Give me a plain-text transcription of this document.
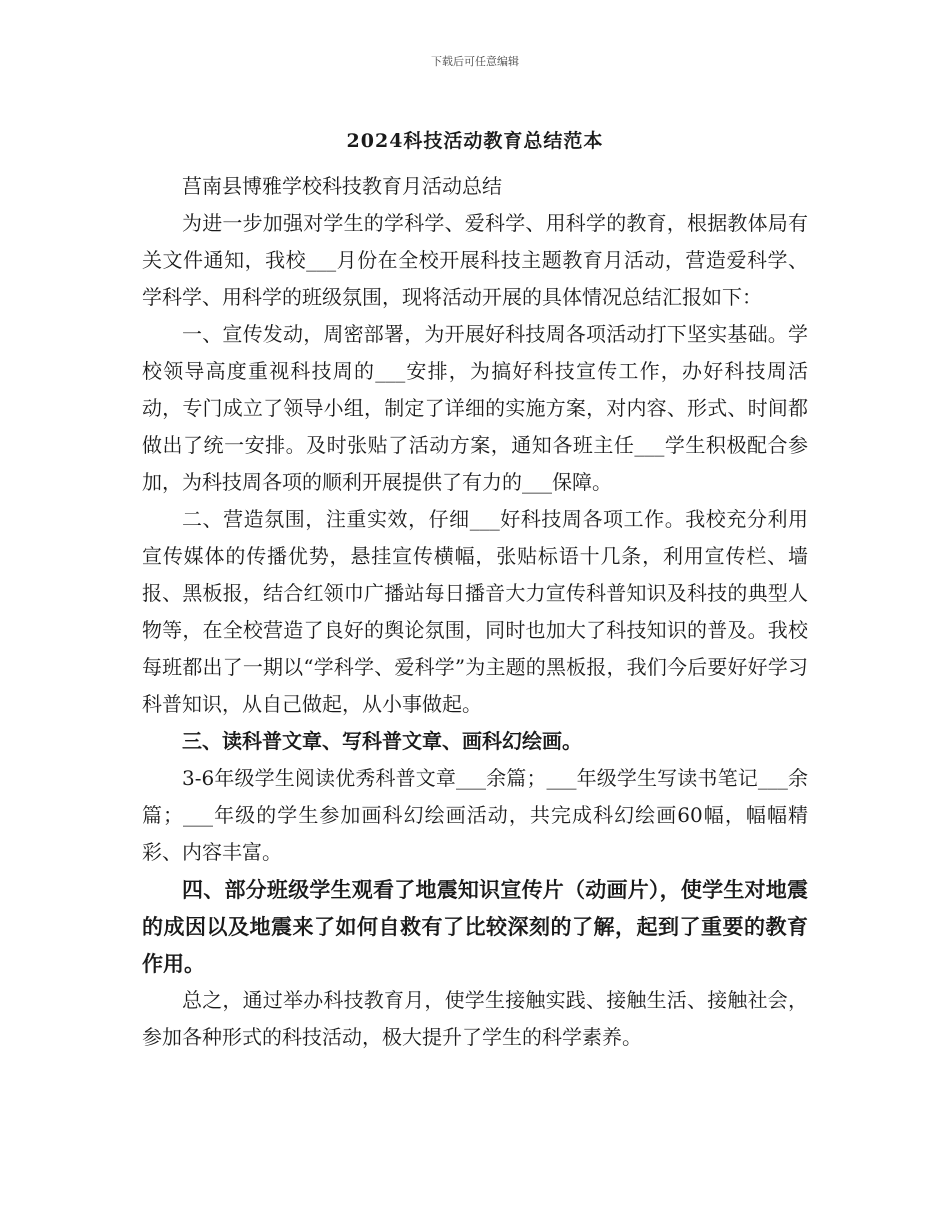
下载后可任意编辑
2024科技活动教育总结范本

莒南县博雅学校科技教育月活动总结

为进一步加强对学生的学科学、爱科学、用科学的教育，根据教体局有关文件通知，我校___月份在全校开展科技主题教育月活动，营造爱科学、学科学、用科学的班级氛围，现将活动开展的具体情况总结汇报如下：

一、宣传发动，周密部署，为开展好科技周各项活动打下坚实基础。学校领导高度重视科技周的___安排，为搞好科技宣传工作，办好科技周活动，专门成立了领导小组，制定了详细的实施方案，对内容、形式、时间都做出了统一安排。及时张贴了活动方案，通知各班主任___学生积极配合参加，为科技周各项的顺利开展提供了有力的___保障。

二、营造氛围，注重实效，仔细___好科技周各项工作。我校充分利用宣传媒体的传播优势，悬挂宣传横幅，张贴标语十几条，利用宣传栏、墙报、黑板报，结合红领巾广播站每日播音大力宣传科普知识及科技的典型人物等，在全校营造了良好的舆论氛围，同时也加大了科技知识的普及。我校每班都出了一期以“学科学、爱科学”为主题的黑板报，我们今后要好好学习科普知识，从自己做起，从小事做起。

三、读科普文章、写科普文章、画科幻绘画。

3-6年级学生阅读优秀科普文章___余篇；___年级学生写读书笔记___余篇；___年级的学生参加画科幻绘画活动，共完成科幻绘画60幅，幅幅精彩、内容丰富。

四、部分班级学生观看了地震知识宣传片（动画片），使学生对地震的成因以及地震来了如何自救有了比较深刻的了解，起到了重要的教育作用。

总之，通过举办科技教育月，使学生接触实践、接触生活、接触社会，参加各种形式的科技活动，极大提升了学生的科学素养。
